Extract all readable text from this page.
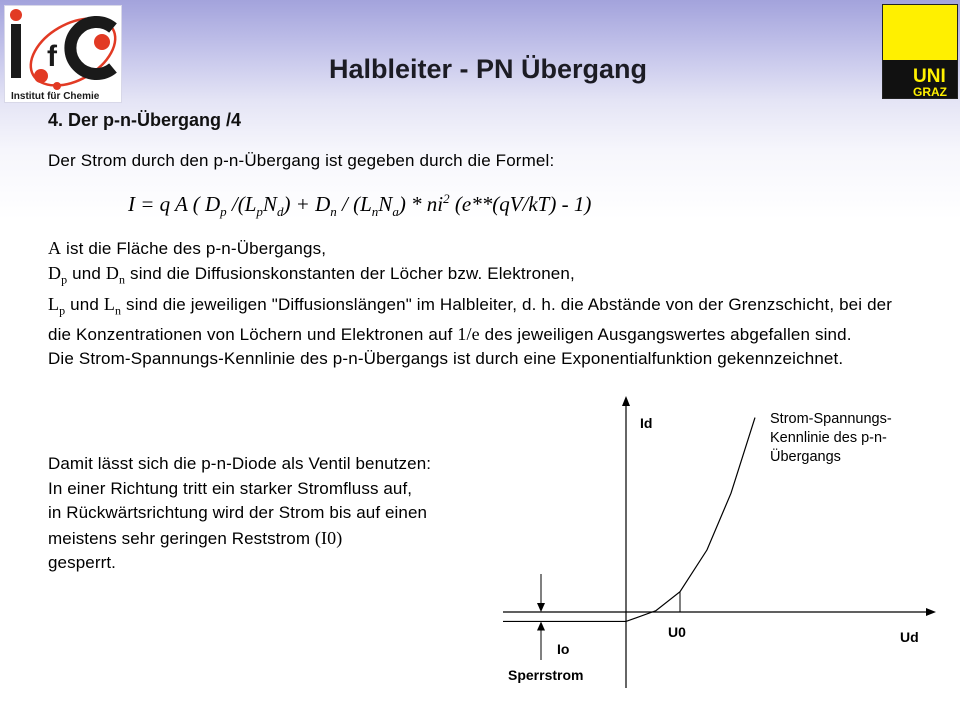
f
Institut für Chemie
UNI
GRAZ
Halbleiter - PN Übergang
4. Der p-n-Übergang /4
Der Strom durch den p-n-Übergang ist gegeben durch die Formel:
I = q A ( $D_p$ $/(L_pN_d) + D_n / (L_nN_a) * ni^2$ (e**(qV/kT) - 1)
A ist die Fläche des p-n-Übergangs,
$D_p$ und $D_n$ sind die Diffusionskonstanten der Löcher bzw. Elektronen,
$L_p$ und $L_n$ sind die jeweiligen "Diffusionslängen" im Halbleiter, d. h. die Abstände von der Grenzschicht, bei der die Konzentrationen von Löchern und Elektronen auf 1/e des jeweiligen Ausgangswertes abgefallen sind.
Die Strom-Spannungs-Kennlinie des p-n-Übergangs ist durch eine Exponentialfunktion gekennzeichnet.
Damit lässt sich die p-n-Diode als Ventil benutzen:
In einer Richtung tritt ein starker Stromfluss auf,
in Rückwärtsrichtung wird der Strom bis auf einen meistens sehr geringen Reststrom (I0)
gesperrt.
Id
Ud
U0
Io
Sperrstrom
Strom-Spannungs-Kennlinie des p-n-Übergangs
